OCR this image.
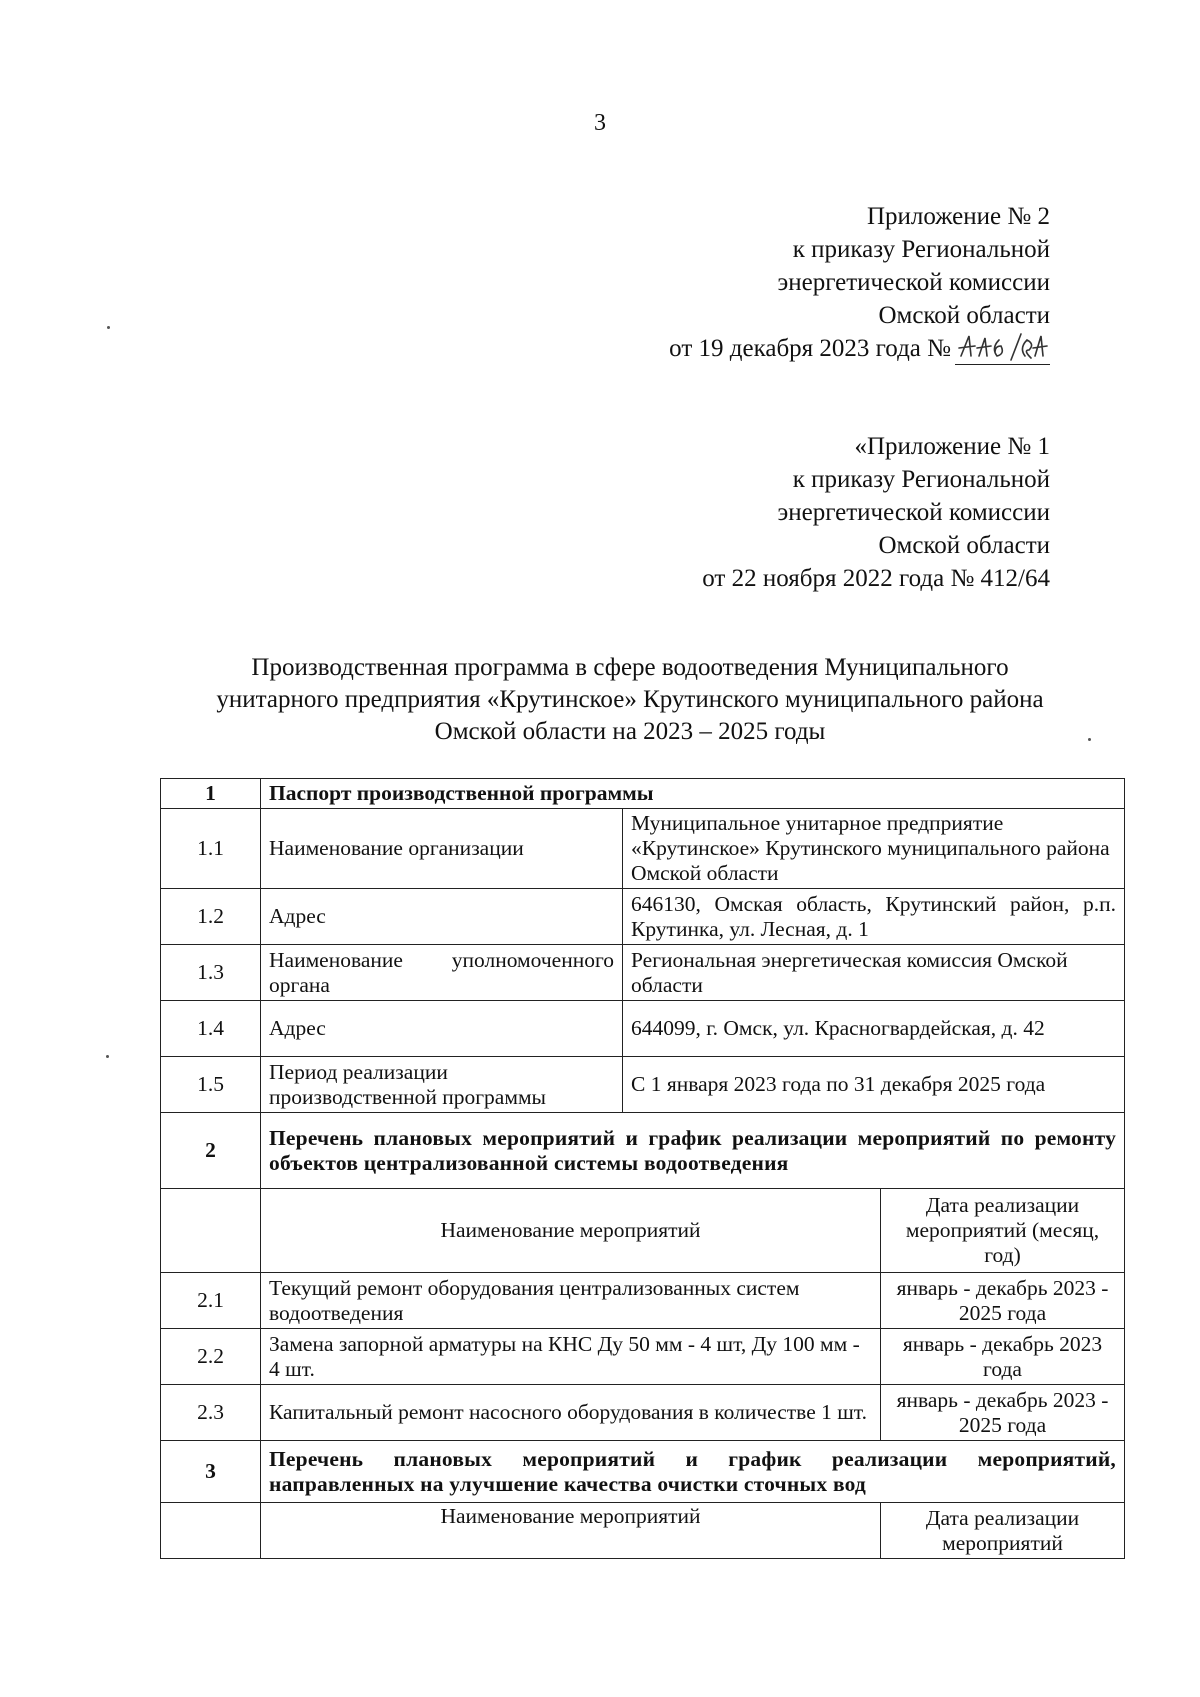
3
Приложение № 2
к приказу Региональной
энергетической комиссии
Омской области
от 19 декабря 2023 года №
«Приложение № 1
к приказу Региональной
энергетической комиссии
Омской области
от 22 ноября 2022 года № 412/64
Производственная программа в сфере водоотведения Муниципального
унитарного предприятия «Крутинское» Крутинского муниципального района
Омской области на 2023 – 2025 годы
1	Паспорт производственной программы		
1.1	Наименование организации	Муниципальное унитарное предприятие «Крутинское» Крутинского муниципального района Омской области	
1.2	Адрес	646130, Омская область, Крутинский район, р.п. Крутинка, ул. Лесная, д. 1	
1.3	Наименование уполномоченного органа	Региональная энергетическая комиссия Омской области	
1.4	Адрес	644099, г. Омск, ул. Красногвардейская, д. 42	
1.5	Период реализации производственной программы	С 1 января 2023 года по 31 декабря 2025 года	
2	Перечень плановых мероприятий и график реализации мероприятий по ремонту объектов централизованной системы водоотведения		
	Наименование мероприятий		Дата реализации мероприятий (месяц, год)
2.1	Текущий ремонт оборудования централизованных систем водоотведения		январь - декабрь 2023 - 2025 года
2.2	Замена запорной арматуры на КНС Ду 50 мм - 4 шт, Ду 100 мм - 4 шт.		январь - декабрь 2023 года
2.3	Капитальный ремонт насосного оборудования в количестве 1 шт.		январь - декабрь 2023 - 2025 года
3	Перечень плановых мероприятий и график реализации мероприятий, направленных на улучшение качества очистки сточных вод		
	Наименование мероприятий		Дата реализации мероприятий
